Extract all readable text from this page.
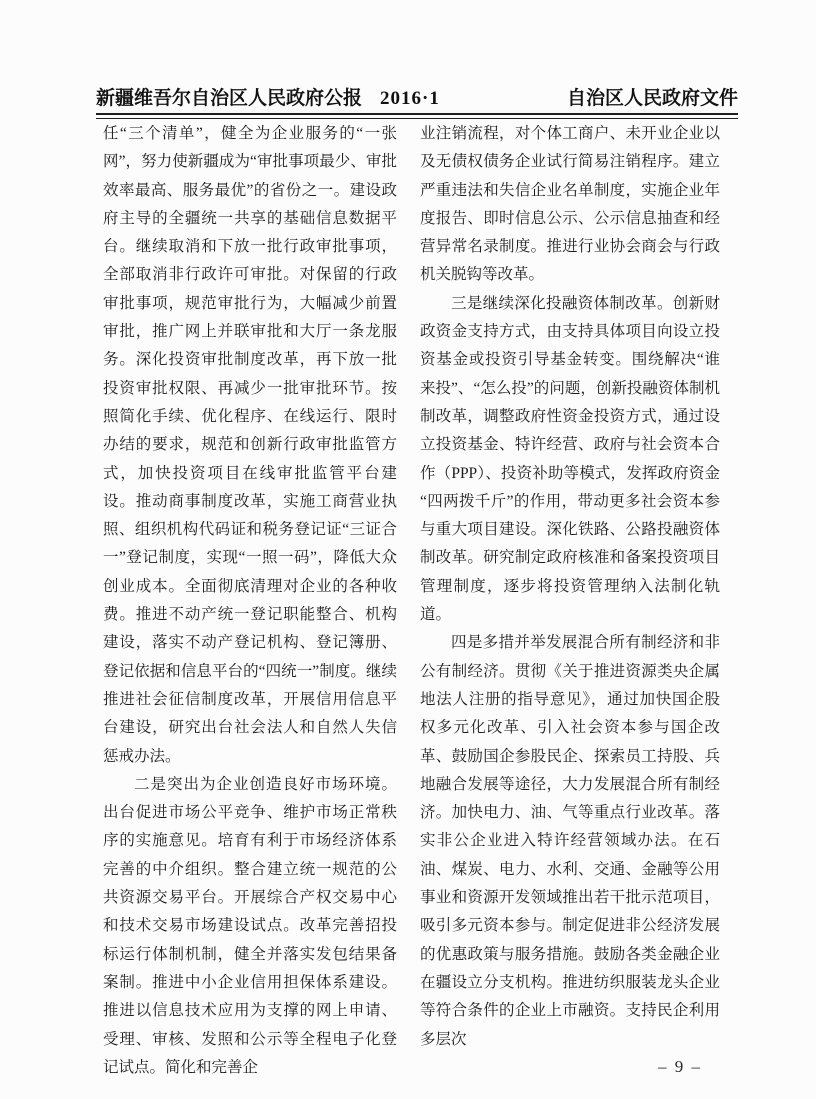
新疆维吾尔自治区人民政府公报 2016·1	自治区人民政府文件

任“三个清单”，健全为企业服务的“一张网”，努力使新疆成为“审批事项最少、审批效率最高、服务最优”的省份之一。建设政府主导的全疆统一共享的基础信息数据平台。继续取消和下放一批行政审批事项，全部取消非行政许可审批。对保留的行政审批事项，规范审批行为，大幅减少前置审批，推广网上并联审批和大厅一条龙服务。深化投资审批制度改革，再下放一批投资审批权限、再减少一批审批环节。按照简化手续、优化程序、在线运行、限时办结的要求，规范和创新行政审批监管方式，加快投资项目在线审批监管平台建设。推动商事制度改革，实施工商营业执照、组织机构代码证和税务登记证“三证合一”登记制度，实现“一照一码”，降低大众创业成本。全面彻底清理对企业的各种收费。推进不动产统一登记职能整合、机构建设，落实不动产登记机构、登记簿册、登记依据和信息平台的“四统一”制度。继续推进社会征信制度改革，开展信用信息平台建设，研究出台社会法人和自然人失信惩戒办法。

二是突出为企业创造良好市场环境。出台促进市场公平竞争、维护市场正常秩序的实施意见。培育有利于市场经济体系完善的中介组织。整合建立统一规范的公共资源交易平台。开展综合产权交易中心和技术交易市场建设试点。改革完善招投标运行体制机制，健全并落实发包结果备案制。推进中小企业信用担保体系建设。推进以信息技术应用为支撑的网上申请、受理、审核、发照和公示等全程电子化登记试点。简化和完善企

业注销流程，对个体工商户、未开业企业以及无债权债务企业试行简易注销程序。建立严重违法和失信企业名单制度，实施企业年度报告、即时信息公示、公示信息抽查和经营异常名录制度。推进行业协会商会与行政机关脱钩等改革。

三是继续深化投融资体制改革。创新财政资金支持方式，由支持具体项目向设立投资基金或投资引导基金转变。围绕解决“谁来投”、“怎么投”的问题，创新投融资体制机制改革，调整政府性资金投资方式，通过设立投资基金、特许经营、政府与社会资本合作（PPP）、投资补助等模式，发挥政府资金“四两拨千斤”的作用，带动更多社会资本参与重大项目建设。深化铁路、公路投融资体制改革。研究制定政府核准和备案投资项目管理制度，逐步将投资管理纳入法制化轨道。

四是多措并举发展混合所有制经济和非公有制经济。贯彻《关于推进资源类央企属地法人注册的指导意见》，通过加快国企股权多元化改革、引入社会资本参与国企改革、鼓励国企参股民企、探索员工持股、兵地融合发展等途径，大力发展混合所有制经济。加快电力、油、气等重点行业改革。落实非公企业进入特许经营领域办法。在石油、煤炭、电力、水利、交通、金融等公用事业和资源开发领域推出若干批示范项目，吸引多元资本参与。制定促进非公经济发展的优惠政策与服务措施。鼓励各类金融企业在疆设立分支机构。推进纺织服装龙头企业等符合条件的企业上市融资。支持民企利用多层次

– 9 –
